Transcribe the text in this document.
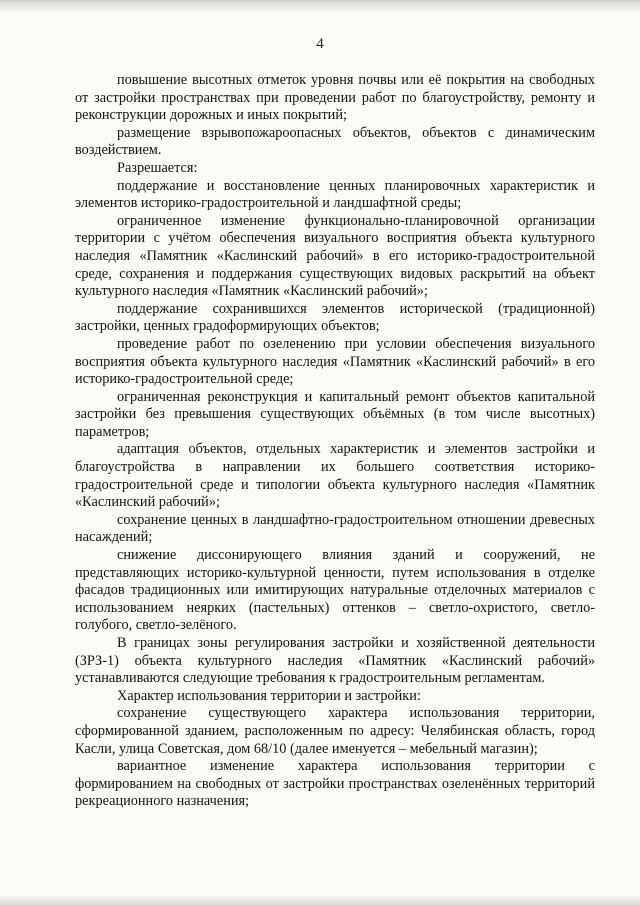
4

повышение высотных отметок уровня почвы или её покрытия на свободных от застройки пространствах при проведении работ по благоустройству, ремонту и реконструкции дорожных и иных покрытий;

размещение взрывопожароопасных объектов, объектов с динамическим воздействием.

Разрешается:

поддержание и восстановление ценных планировочных характеристик и элементов историко-градостроительной и ландшафтной среды;

ограниченное изменение функционально-планировочной организации территории с учётом обеспечения визуального восприятия объекта культурного наследия «Памятник «Каслинский рабочий» в его историко-градостроительной среде, сохранения и поддержания существующих видовых раскрытий на объект культурного наследия «Памятник «Каслинский рабочий»;

поддержание сохранившихся элементов исторической (традиционной) застройки, ценных градоформирующих объектов;

проведение работ по озеленению при условии обеспечения визуального восприятия объекта культурного наследия «Памятник «Каслинский рабочий» в его историко-градостроительной среде;

ограниченная реконструкция и капитальный ремонт объектов капитальной застройки без превышения существующих объёмных (в том числе высотных) параметров;

адаптация объектов, отдельных характеристик и элементов застройки и благоустройства в направлении их большего соответствия историко-градостроительной среде и типологии объекта культурного наследия «Памятник «Каслинский рабочий»;

сохранение ценных в ландшафтно-градостроительном отношении древесных насаждений;

снижение диссонирующего влияния зданий и сооружений, не представляющих историко-культурной ценности, путем использования в отделке фасадов традиционных или имитирующих натуральные отделочных материалов с использованием неярких (пастельных) оттенков – светло-охристого, светло-голубого, светло-зелёного.

В границах зоны регулирования застройки и хозяйственной деятельности (ЗРЗ-1) объекта культурного наследия «Памятник «Каслинский рабочий» устанавливаются следующие требования к градостроительным регламентам.

Характер использования территории и застройки:

сохранение существующего характера использования территории, сформированной зданием, расположенным по адресу: Челябинская область, город Касли, улица Советская, дом 68/10 (далее именуется – мебельный магазин);

вариантное изменение характера использования территории с формированием на свободных от застройки пространствах озеленённых территорий рекреационного назначения;
